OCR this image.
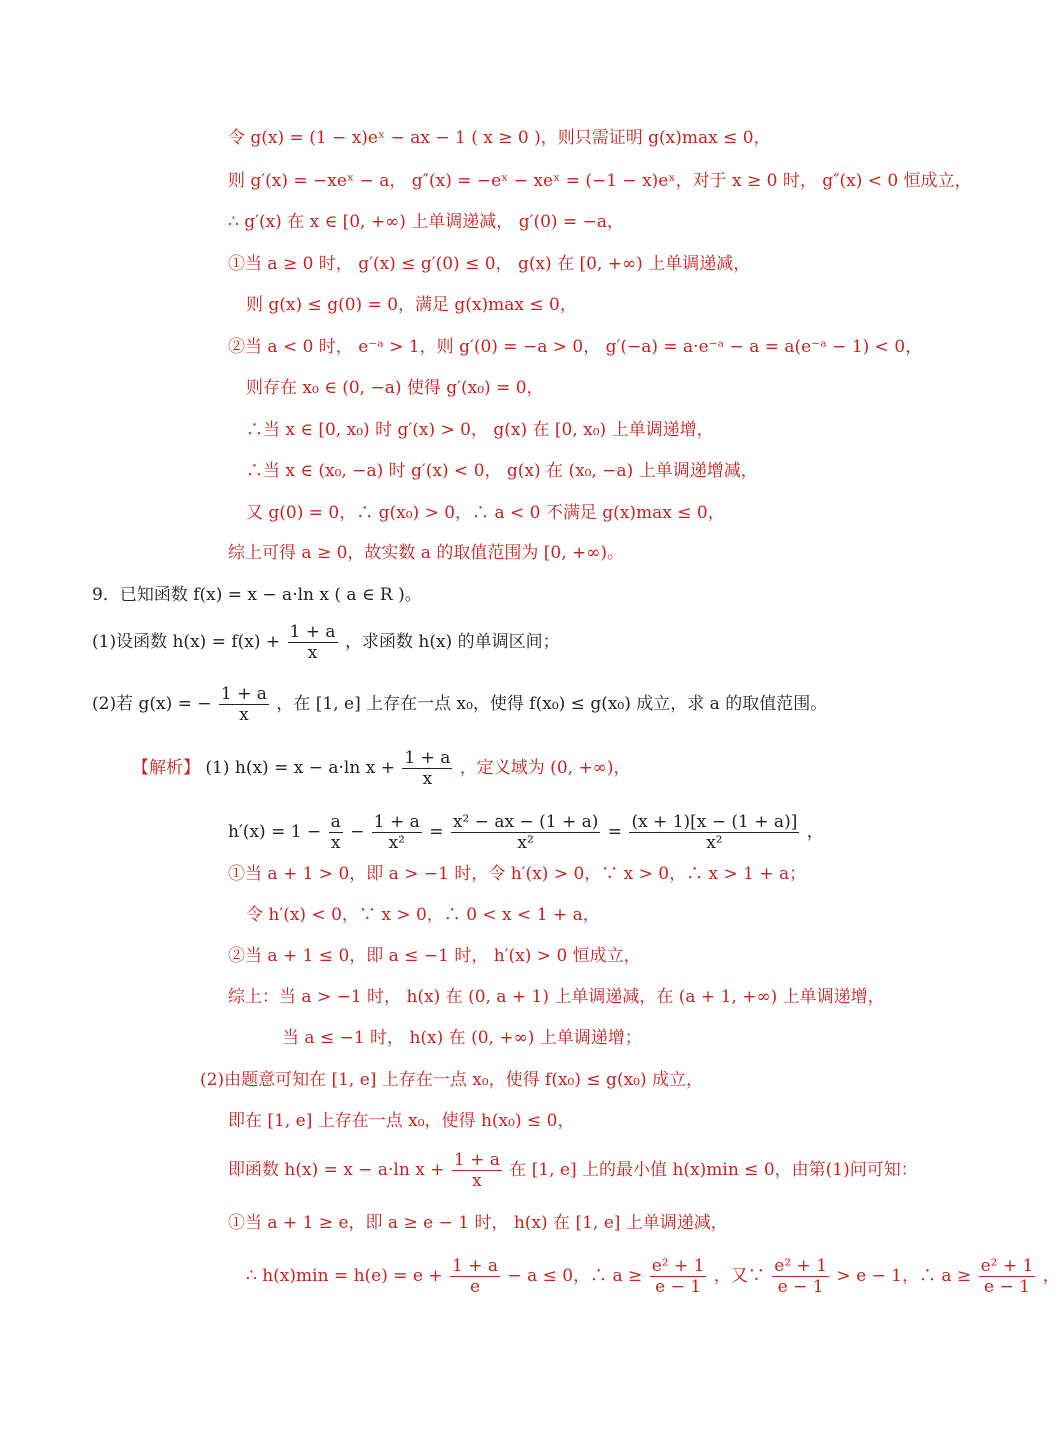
令 g(x) = (1 − x)eˣ − ax − 1 ( x ≥ 0 )，则只需证明 g(x)max ≤ 0，
则 g′(x) = −xeˣ − a， g″(x) = −eˣ − xeˣ = (−1 − x)eˣ，对于 x ≥ 0 时， g″(x) < 0 恒成立，
∴ g′(x) 在 x ∈ [0, +∞) 上单调递减， g′(0) = −a，
①当 a ≥ 0 时， g′(x) ≤ g′(0) ≤ 0， g(x) 在 [0, +∞) 上单调递减，
则 g(x) ≤ g(0) = 0，满足 g(x)max ≤ 0，
②当 a < 0 时， e⁻ᵃ > 1，则 g′(0) = −a > 0， g′(−a) = a·e⁻ᵃ − a = a(e⁻ᵃ − 1) < 0，
则存在 x₀ ∈ (0, −a) 使得 g′(x₀) = 0，
∴当 x ∈ [0, x₀) 时 g′(x) > 0， g(x) 在 [0, x₀) 上单调递增，
∴当 x ∈ (x₀, −a) 时 g′(x) < 0， g(x) 在 (x₀, −a) 上单调递增减，
又 g(0) = 0，∴ g(x₀) > 0，∴ a < 0 不满足 g(x)max ≤ 0，
综上可得 a ≥ 0，故实数 a 的取值范围为 [0, +∞)。
9．已知函数 f(x) = x − a·ln x ( a ∈ R )。
(1)设函数 $h(x) = f(x) + \frac{1 + a}{x}$ ，求函数 h(x) 的单调区间；
(2)若 g(x) = − $\frac{1 + a}{x}$ ，在 [1, e] 上存在一点 x₀，使得 f(x₀) ≤ g(x₀) 成立，求 a 的取值范围。
【解析】 (1) h(x) = x − a·ln $x + \frac{1 + a}{x}$ ，定义域为 (0, +∞)，
$h'(x) = 1 - \frac{a}{x} - \frac{1 + a}{\text{x²}} = \frac{\text{x² − ax − (1 + a)}}{\text{x²}} = \frac{(x + 1)[x - (1 + a)]}{\text{x²}}$ ，
①当 a + 1 > 0，即 a > −1 时，令 h′(x) > 0，∵ x > 0，∴ x > 1 + a；
令 h′(x) < 0，∵ x > 0，∴ 0 < x < 1 + a，
②当 a + 1 ≤ 0，即 a ≤ −1 时， h′(x) > 0 恒成立，
综上：当 a > −1 时， h(x) 在 (0, a + 1) 上单调递减，在 (a + 1, +∞) 上单调递增，
当 a ≤ −1 时， h(x) 在 (0, +∞) 上单调递增；
(2)由题意可知在 [1, e] 上存在一点 x₀，使得 f(x₀) ≤ g(x₀) 成立，
即在 [1, e] 上存在一点 x₀，使得 h(x₀) ≤ 0，
即函数 h(x) = x − a·ln $x + \frac{1 + a}{x}$ 在 [1, e] 上的最小值 h(x)min ≤ 0，由第(1)问可知：
①当 a + 1 ≥ e，即 a ≥ e − 1 时， h(x) 在 [1, e] 上单调递减，
∴ $h(x)\min = h(e) = e + \frac{1 + a}{e} - a \le 0$，∴ $a \ge \frac{\text{e² + 1}}{e - 1}$ ，又∵ $\frac{\text{e² + 1}}{e - 1} > e - 1$，∴ $a \ge \frac{\text{e² + 1}}{e - 1}$ ，
